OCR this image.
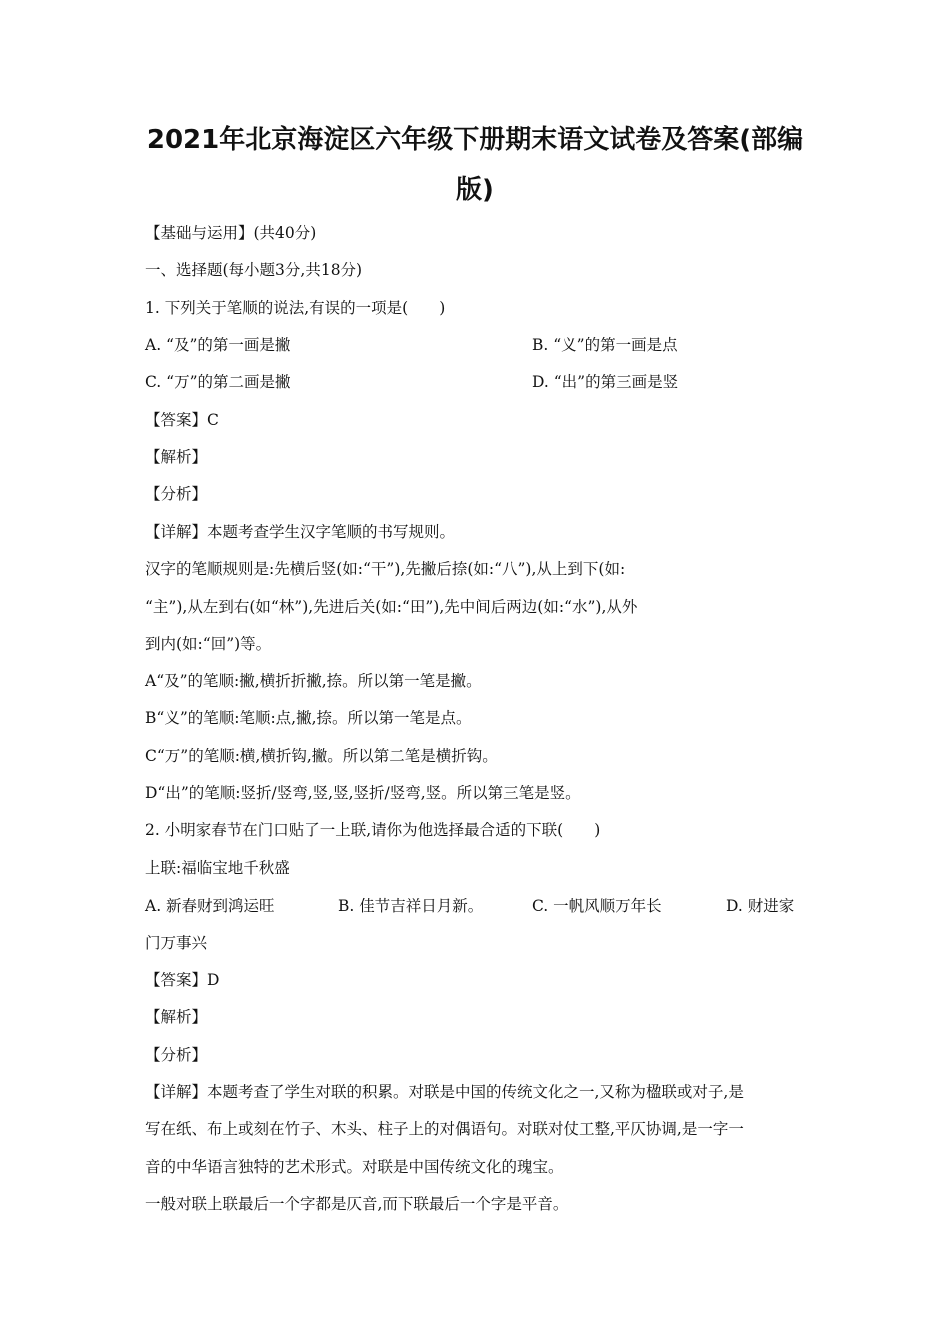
2021年北京海淀区六年级下册期末语文试卷及答案(部编
版)
【基础与运用】(共40分)
一、选择题(每小题3分,共18分)
1. 下列关于笔顺的说法,有误的一项是(　　)
A. “及”的第一画是撇	B. “义”的第一画是点
C. “万”的第二画是撇	D. “出”的第三画是竖
【答案】C
【解析】
【分析】
【详解】本题考查学生汉字笔顺的书写规则。
汉字的笔顺规则是:先横后竖(如:“干”),先撇后捺(如:“八”),从上到下(如:
“主”),从左到右(如“林”),先进后关(如:“田”),先中间后两边(如:“水”),从外
到内(如:“回”)等。
A“及”的笔顺:撇,横折折撇,捺。所以第一笔是撇。
B“义”的笔顺:笔顺:点,撇,捺。所以第一笔是点。
C“万”的笔顺:横,横折钩,撇。所以第二笔是横折钩。
D“出”的笔顺:竖折/竖弯,竖,竖,竖折/竖弯,竖。所以第三笔是竖。
2. 小明家春节在门口贴了一上联,请你为他选择最合适的下联(　　)
上联:福临宝地千秋盛
A. 新春财到鸿运旺	B. 佳节吉祥日月新。	C. 一帆风顺万年长	D. 财进家
门万事兴
【答案】D
【解析】
【分析】
【详解】本题考查了学生对联的积累。对联是中国的传统文化之一,又称为楹联或对子,是
写在纸、布上或刻在竹子、木头、柱子上的对偶语句。对联对仗工整,平仄协调,是一字一
音的中华语言独特的艺术形式。对联是中国传统文化的瑰宝。
一般对联上联最后一个字都是仄音,而下联最后一个字是平音。
